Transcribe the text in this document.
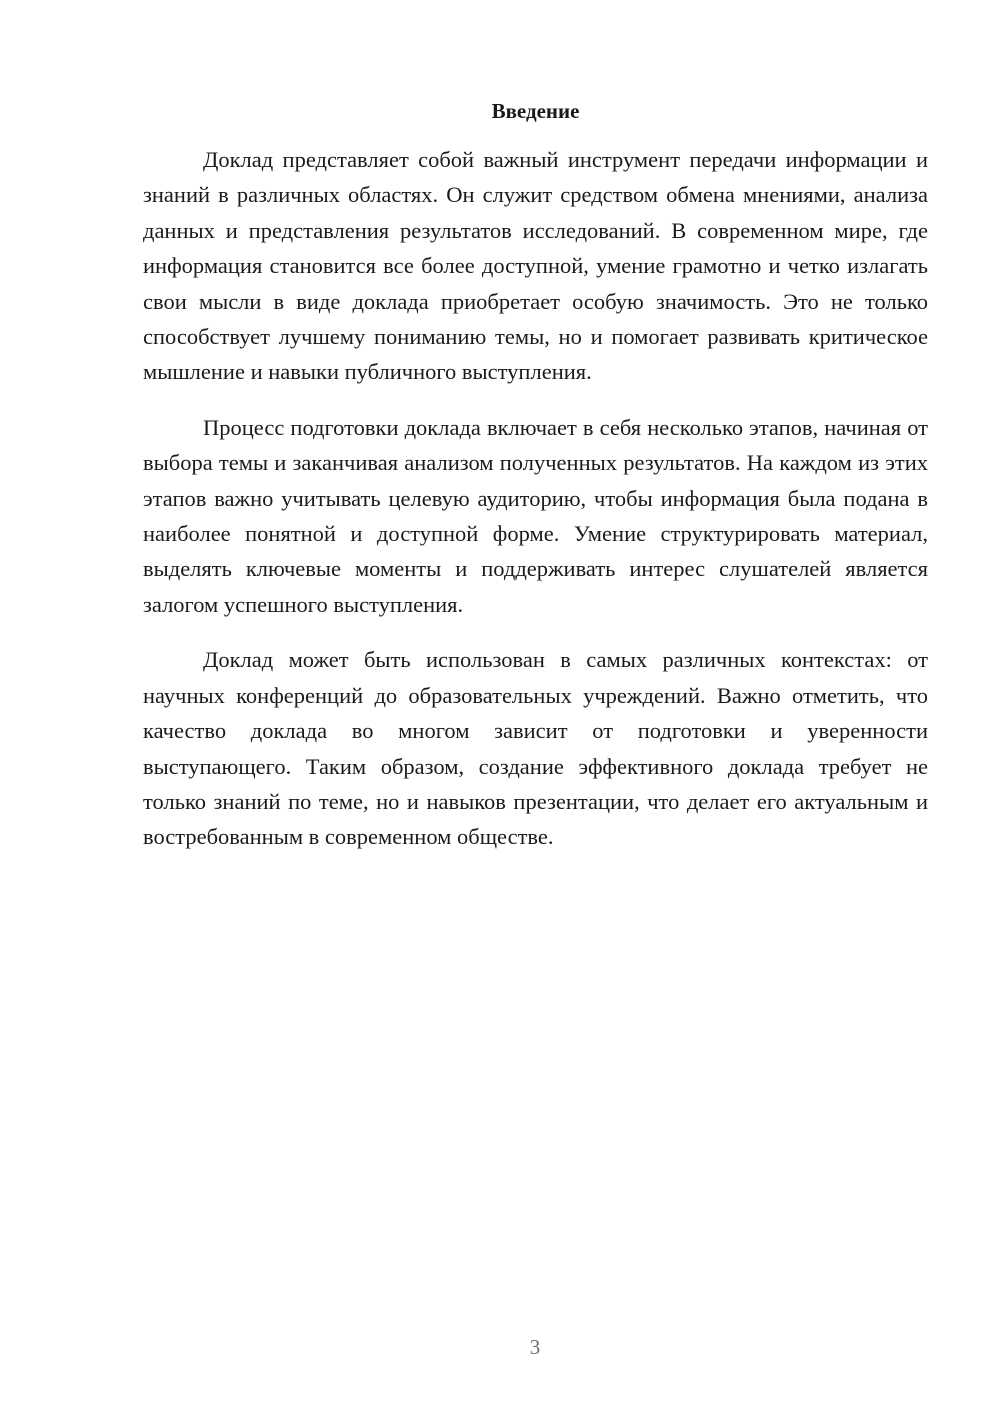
Введение

Доклад представляет собой важный инструмент передачи информации и знаний в различных областях. Он служит средством обмена мнениями, анализа данных и представления результатов исследований. В современном мире, где информация становится все более доступной, умение грамотно и четко излагать свои мысли в виде доклада приобретает особую значимость. Это не только способствует лучшему пониманию темы, но и помогает развивать критическое мышление и навыки публичного выступления.

Процесс подготовки доклада включает в себя несколько этапов, начиная от выбора темы и заканчивая анализом полученных результатов. На каждом из этих этапов важно учитывать целевую аудиторию, чтобы информация была подана в наиболее понятной и доступной форме. Умение структурировать материал, выделять ключевые моменты и поддерживать интерес слушателей является залогом успешного выступления.

Доклад может быть использован в самых различных контекстах: от научных конференций до образовательных учреждений. Важно отметить, что качество доклада во многом зависит от подготовки и уверенности выступающего. Таким образом, создание эффективного доклада требует не только знаний по теме, но и навыков презентации, что делает его актуальным и востребованным в современном обществе.

3
